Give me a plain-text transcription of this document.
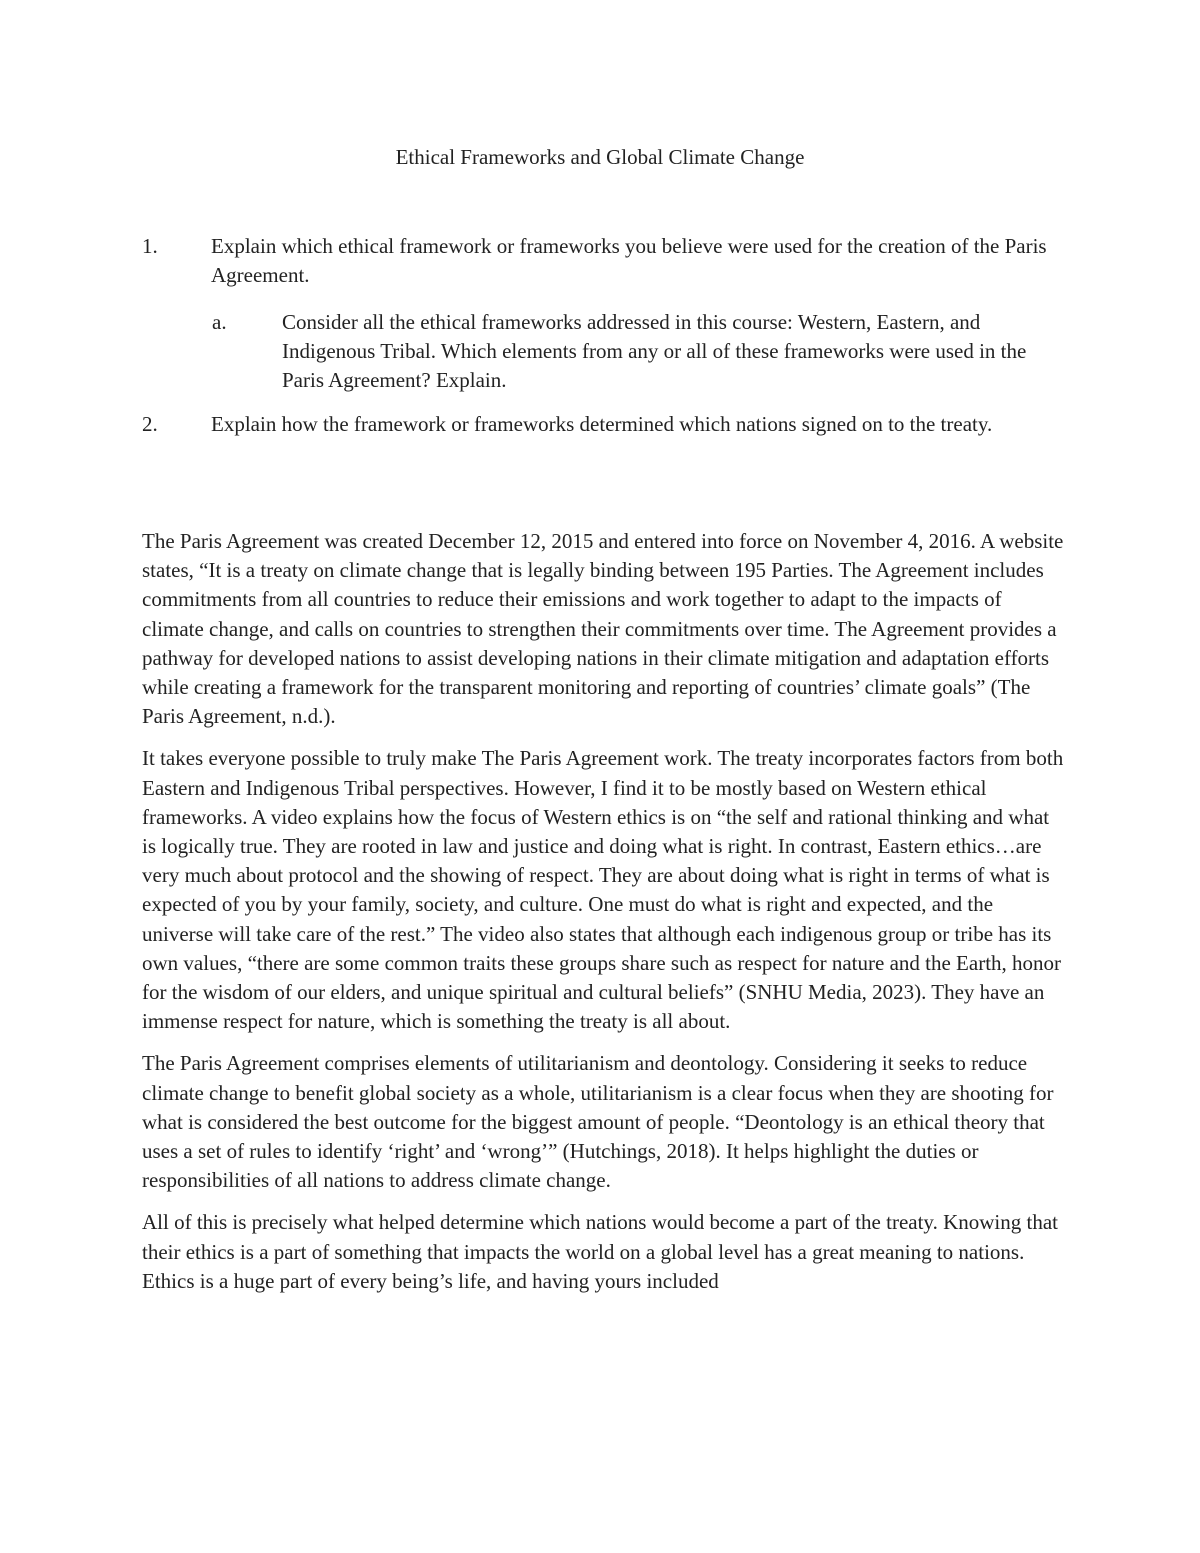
Ethical Frameworks and Global Climate Change
1.	Explain which ethical framework or frameworks you believe were used for the creation of the Paris Agreement.
a.	Consider all the ethical frameworks addressed in this course: Western, Eastern, and Indigenous Tribal. Which elements from any or all of these frameworks were used in the Paris Agreement? Explain.
2.	Explain how the framework or frameworks determined which nations signed on to the treaty.

The Paris Agreement was created December 12, 2015 and entered into force on November 4, 2016. A website states, “It is a treaty on climate change that is legally binding between 195 Parties. The Agreement includes commitments from all countries to reduce their emissions and work together to adapt to the impacts of climate change, and calls on countries to strengthen their commitments over time. The Agreement provides a pathway for developed nations to assist developing nations in their climate mitigation and adaptation efforts while creating a framework for the transparent monitoring and reporting of countries’ climate goals” (The Paris Agreement, n.d.).

It takes everyone possible to truly make The Paris Agreement work. The treaty incorporates factors from both Eastern and Indigenous Tribal perspectives. However, I find it to be mostly based on Western ethical frameworks. A video explains how the focus of Western ethics is on “the self and rational thinking and what is logically true. They are rooted in law and justice and doing what is right. In contrast, Eastern ethics…are very much about protocol and the showing of respect. They are about doing what is right in terms of what is expected of you by your family, society, and culture. One must do what is right and expected, and the universe will take care of the rest.” The video also states that although each indigenous group or tribe has its own values, “there are some common traits these groups share such as respect for nature and the Earth, honor for the wisdom of our elders, and unique spiritual and cultural beliefs” (SNHU Media, 2023). They have an immense respect for nature, which is something the treaty is all about.

The Paris Agreement comprises elements of utilitarianism and deontology. Considering it seeks to reduce climate change to benefit global society as a whole, utilitarianism is a clear focus when they are shooting for what is considered the best outcome for the biggest amount of people. “Deontology is an ethical theory that uses a set of rules to identify ‘right’ and ‘wrong’” (Hutchings, 2018). It helps highlight the duties or responsibilities of all nations to address climate change.

All of this is precisely what helped determine which nations would become a part of the treaty. Knowing that their ethics is a part of something that impacts the world on a global level has a great meaning to nations. Ethics is a huge part of every being’s life, and having yours included
